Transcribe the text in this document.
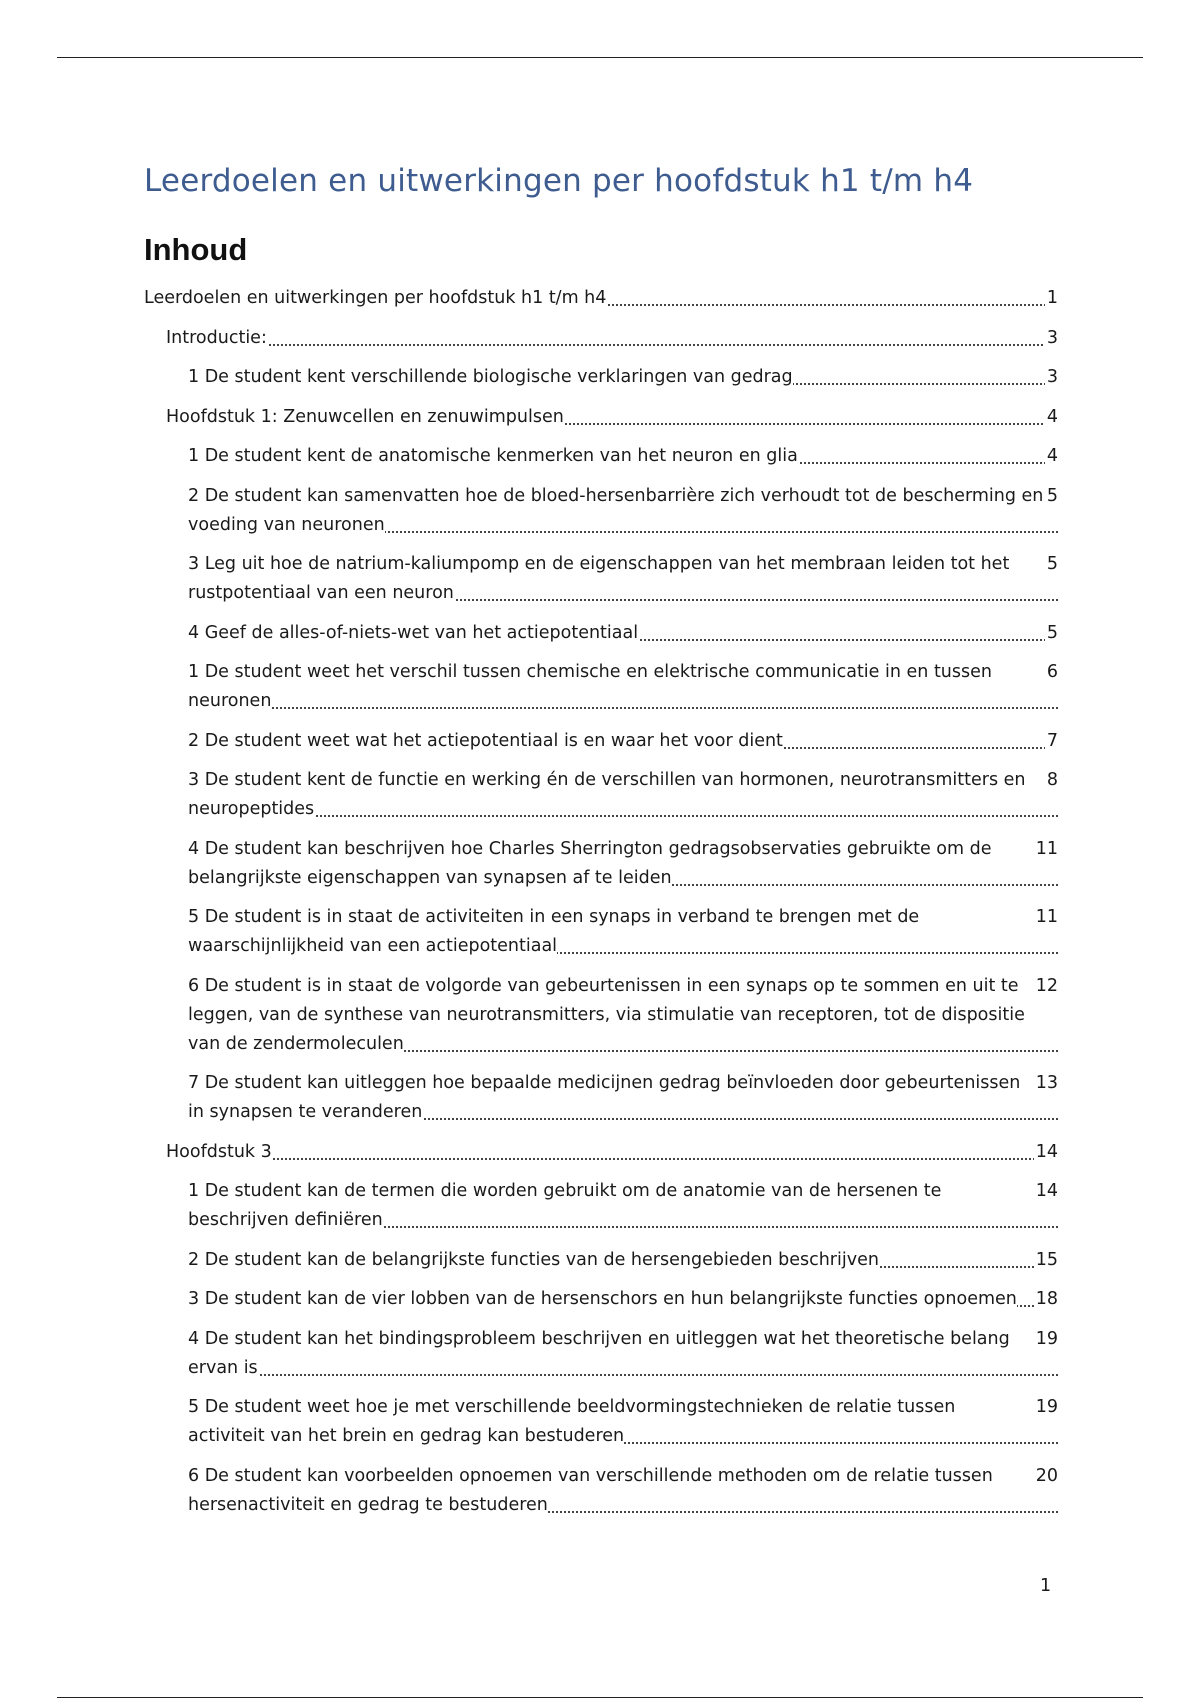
Leerdoelen en uitwerkingen per hoofdstuk h1 t/m h4
Inhoud
1
Leerdoelen en uitwerkingen per hoofdstuk h1 t/m h4
3
Introductie:
3
1 De student kent verschillende biologische verklaringen van gedrag
4
Hoofdstuk 1: Zenuwcellen en zenuwimpulsen
4
1 De student kent de anatomische kenmerken van het neuron en glia
5
2 De student kan samenvatten hoe de bloed-hersenbarrière zich verhoudt tot de bescherming en voeding van neuronen
5
3 Leg uit hoe de natrium-kaliumpomp en de eigenschappen van het membraan leiden tot het rustpotentiaal van een neuron
5
4 Geef de alles-of-niets-wet van het actiepotentiaal
6
1 De student weet het verschil tussen chemische en elektrische communicatie in en tussen neuronen
7
2 De student weet wat het actiepotentiaal is en waar het voor dient
8
3 De student kent de functie en werking én de verschillen van hormonen, neurotransmitters en neuropeptides
11
4 De student kan beschrijven hoe Charles Sherrington gedragsobservaties gebruikte om de belangrijkste eigenschappen van synapsen af te leiden
11
5 De student is in staat de activiteiten in een synaps in verband te brengen met de waarschijnlijkheid van een actiepotentiaal
12
6 De student is in staat de volgorde van gebeurtenissen in een synaps op te sommen en uit te leggen, van de synthese van neurotransmitters, via stimulatie van receptoren, tot de dispositie van de zendermoleculen
13
7 De student kan uitleggen hoe bepaalde medicijnen gedrag beïnvloeden door gebeurtenissen in synapsen te veranderen
14
Hoofdstuk 3
14
1 De student kan de termen die worden gebruikt om de anatomie van de hersenen te beschrijven definiëren
15
2 De student kan de belangrijkste functies van de hersengebieden beschrijven
18
3 De student kan de vier lobben van de hersenschors en hun belangrijkste functies opnoemen
19
4 De student kan het bindingsprobleem beschrijven en uitleggen wat het theoretische belang ervan is
19
5 De student weet hoe je met verschillende beeldvormingstechnieken de relatie tussen activiteit van het brein en gedrag kan bestuderen
20
6 De student kan voorbeelden opnoemen van verschillende methoden om de relatie tussen hersenactiviteit en gedrag te bestuderen
1
